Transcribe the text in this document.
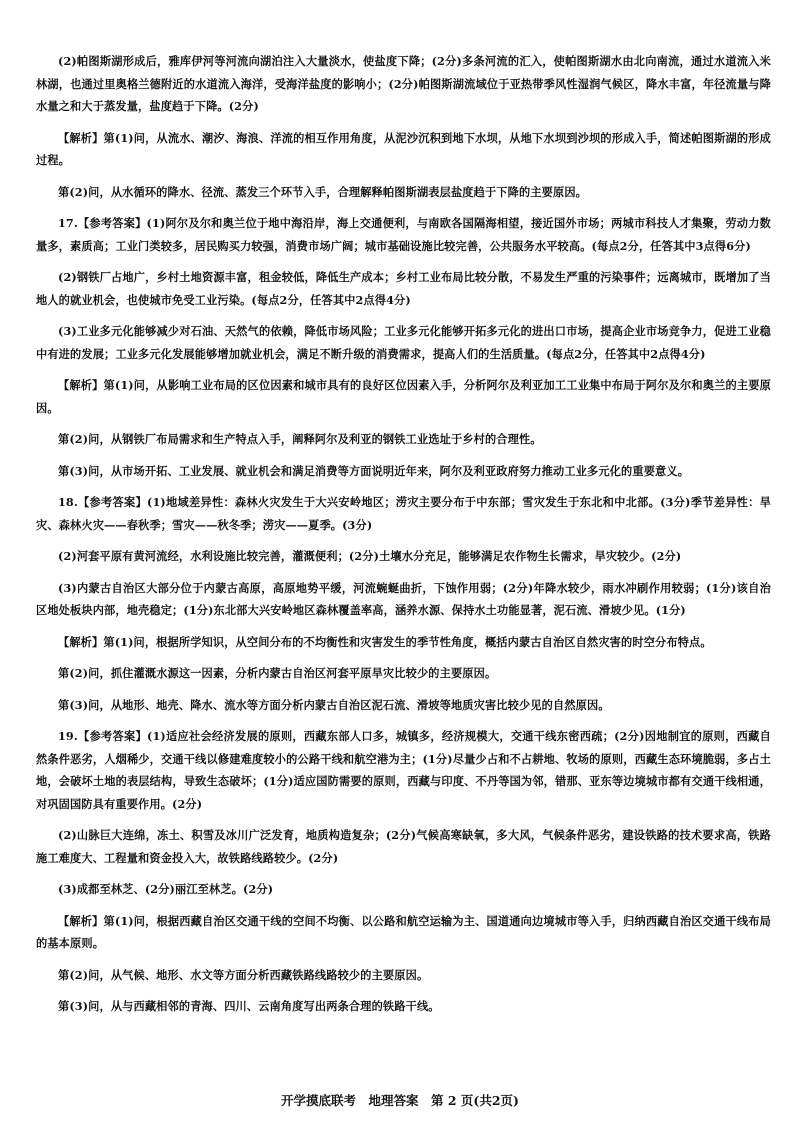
(2)帕图斯湖形成后，雅库伊河等河流向湖泊注入大量淡水，使盐度下降；(2分)多条河流的汇入，使帕图斯湖水由北向南流，通过水道流入米林湖，也通过里奥格兰德附近的水道流入海洋，受海洋盐度的影响小；(2分)帕图斯湖流域位于亚热带季风性湿润气候区，降水丰富，年径流量与降水量之和大于蒸发量，盐度趋于下降。(2分)

【解析】第(1)问，从流水、潮汐、海浪、洋流的相互作用角度，从泥沙沉积到地下水坝，从地下水坝到沙坝的形成入手，简述帕图斯湖的形成过程。

第(2)问，从水循环的降水、径流、蒸发三个环节入手，合理解释帕图斯湖表层盐度趋于下降的主要原因。

17.【参考答案】(1)阿尔及尔和奥兰位于地中海沿岸，海上交通便利，与南欧各国隔海相望，接近国外市场；两城市科技人才集聚，劳动力数量多，素质高；工业门类较多，居民购买力较强，消费市场广阔；城市基础设施比较完善，公共服务水平较高。(每点2分，任答其中3点得6分)

(2)钢铁厂占地广，乡村土地资源丰富，租金较低，降低生产成本；乡村工业布局比较分散，不易发生严重的污染事件；远离城市，既增加了当地人的就业机会，也使城市免受工业污染。(每点2分，任答其中2点得4分)

(3)工业多元化能够减少对石油、天然气的依赖，降低市场风险；工业多元化能够开拓多元化的进出口市场，提高企业市场竞争力，促进工业稳中有进的发展；工业多元化发展能够增加就业机会，满足不断升级的消费需求，提高人们的生活质量。(每点2分，任答其中2点得4分)

【解析】第(1)问，从影响工业布局的区位因素和城市具有的良好区位因素入手，分析阿尔及利亚加工工业集中布局于阿尔及尔和奥兰的主要原因。

第(2)问，从钢铁厂布局需求和生产特点入手，阐释阿尔及利亚的钢铁工业选址于乡村的合理性。

第(3)问，从市场开拓、工业发展、就业机会和满足消费等方面说明近年来，阿尔及利亚政府努力推动工业多元化的重要意义。

18.【参考答案】(1)地域差异性：森林火灾发生于大兴安岭地区；涝灾主要分布于中东部；雪灾发生于东北和中北部。(3分)季节差异性：旱灾、森林火灾——春秋季；雪灾——秋冬季；涝灾——夏季。(3分)

(2)河套平原有黄河流经，水利设施比较完善，灌溉便利；(2分)土壤水分充足，能够满足农作物生长需求，旱灾较少。(2分)

(3)内蒙古自治区大部分位于内蒙古高原，高原地势平缓，河流蜿蜒曲折，下蚀作用弱；(2分)年降水较少，雨水冲刷作用较弱；(1分)该自治区地处板块内部，地壳稳定；(1分)东北部大兴安岭地区森林覆盖率高，涵养水源、保持水土功能显著，泥石流、滑坡少见。(1分)

【解析】第(1)问，根据所学知识，从空间分布的不均衡性和灾害发生的季节性角度，概括内蒙古自治区自然灾害的时空分布特点。

第(2)问，抓住灌溉水源这一因素，分析内蒙古自治区河套平原旱灾比较少的主要原因。

第(3)问，从地形、地壳、降水、流水等方面分析内蒙古自治区泥石流、滑坡等地质灾害比较少见的自然原因。

19.【参考答案】(1)适应社会经济发展的原则，西藏东部人口多，城镇多，经济规模大，交通干线东密西疏；(2分)因地制宜的原则，西藏自然条件恶劣，人烟稀少，交通干线以修建难度较小的公路干线和航空港为主；(1分)尽量少占和不占耕地、牧场的原则，西藏生态环境脆弱，多占土地，会破坏土地的表层结构，导致生态破坏；(1分)适应国防需要的原则，西藏与印度、不丹等国为邻，错那、亚东等边境城市都有交通干线相通，对巩固国防具有重要作用。(2分)

(2)山脉巨大连绵，冻土、积雪及冰川广泛发育，地质构造复杂；(2分)气候高寒缺氧，多大风，气候条件恶劣，建设铁路的技术要求高，铁路施工难度大、工程量和资金投入大，故铁路线路较少。(2分)

(3)成都至林芝、(2分)丽江至林芝。(2分)

【解析】第(1)问，根据西藏自治区交通干线的空间不均衡、以公路和航空运输为主、国道通向边境城市等入手，归纳西藏自治区交通干线布局的基本原则。

第(2)问，从气候、地形、水文等方面分析西藏铁路线路较少的主要原因。

第(3)问，从与西藏相邻的青海、四川、云南角度写出两条合理的铁路干线。

开学摸底联考　地理答案　第 2 页(共2页)
